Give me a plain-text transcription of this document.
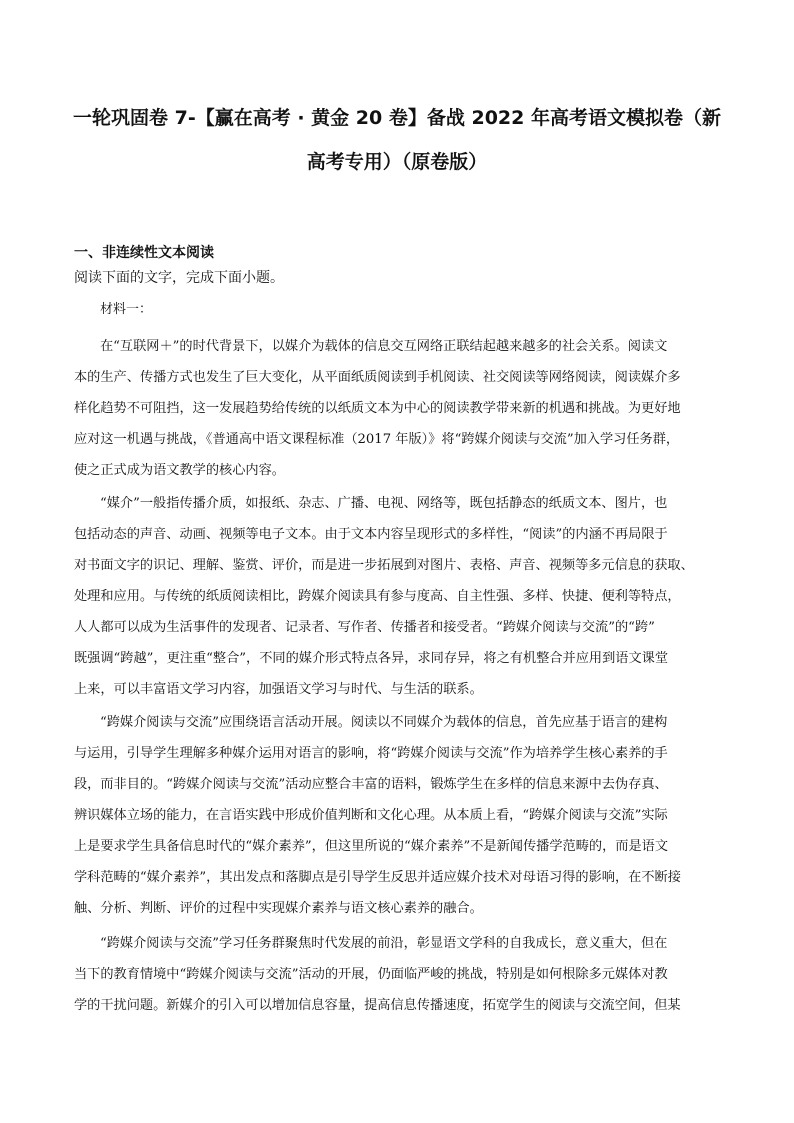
一轮巩固卷 7-【赢在高考 · 黄金 20 卷】备战 2022 年高考语文模拟卷（新
高考专用）（原卷版）
一、非连续性文本阅读
阅读下面的文字，完成下面小题。
材料一：
在“互联网＋”的时代背景下，以媒介为载体的信息交互网络正联结起越来越多的社会关系。阅读文
本的生产、传播方式也发生了巨大变化，从平面纸质阅读到手机阅读、社交阅读等网络阅读，阅读媒介多
样化趋势不可阻挡，这一发展趋势给传统的以纸质文本为中心的阅读教学带来新的机遇和挑战。为更好地
应对这一机遇与挑战，《普通高中语文课程标准（2017 年版）》将“跨媒介阅读与交流”加入学习任务群，
使之正式成为语文教学的核心内容。
“媒介”一般指传播介质，如报纸、杂志、广播、电视、网络等，既包括静态的纸质文本、图片，也
包括动态的声音、动画、视频等电子文本。由于文本内容呈现形式的多样性，“阅读”的内涵不再局限于
对书面文字的识记、理解、鉴赏、评价，而是进一步拓展到对图片、表格、声音、视频等多元信息的获取、
处理和应用。与传统的纸质阅读相比，跨媒介阅读具有参与度高、自主性强、多样、快捷、便利等特点，
人人都可以成为生活事件的发现者、记录者、写作者、传播者和接受者。“跨媒介阅读与交流”的“跨”
既强调“跨越”，更注重“整合”，不同的媒介形式特点各异，求同存异，将之有机整合并应用到语文课堂
上来，可以丰富语文学习内容，加强语文学习与时代、与生活的联系。
“跨媒介阅读与交流”应围绕语言活动开展。阅读以不同媒介为载体的信息，首先应基于语言的建构
与运用，引导学生理解多种媒介运用对语言的影响，将“跨媒介阅读与交流”作为培养学生核心素养的手
段，而非目的。“跨媒介阅读与交流”活动应整合丰富的语料，锻炼学生在多样的信息来源中去伪存真、
辨识媒体立场的能力，在言语实践中形成价值判断和文化心理。从本质上看，“跨媒介阅读与交流”实际
上是要求学生具备信息时代的“媒介素养”，但这里所说的“媒介素养”不是新闻传播学范畴的，而是语文
学科范畴的“媒介素养”，其出发点和落脚点是引导学生反思并适应媒介技术对母语习得的影响，在不断接
触、分析、判断、评价的过程中实现媒介素养与语文核心素养的融合。
“跨媒介阅读与交流”学习任务群聚焦时代发展的前沿，彰显语文学科的自我成长，意义重大，但在
当下的教育情境中“跨媒介阅读与交流”活动的开展，仍面临严峻的挑战，特别是如何根除多元媒体对教
学的干扰问题。新媒介的引入可以增加信息容量，提高信息传播速度，拓宽学生的阅读与交流空间，但某
